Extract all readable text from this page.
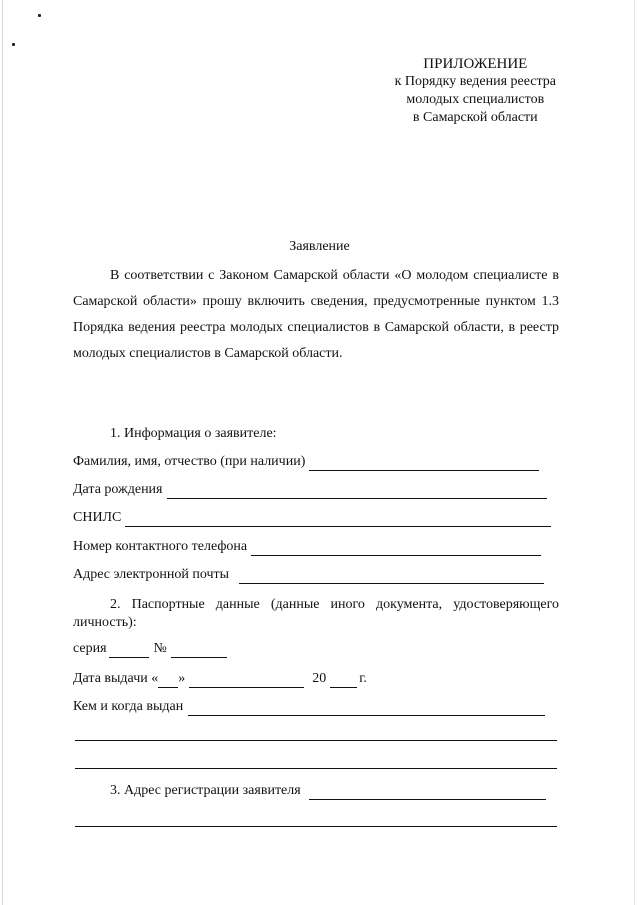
ПРИЛОЖЕНИЕ
к Порядку ведения реестра
молодых специалистов
в Самарской области
Заявление

В соответствии с Законом Самарской области «О молодом специалисте в Самарской области» прошу включить сведения, предусмотренные пунктом 1.3 Порядка ведения реестра молодых специалистов в Самарской области, в реестр молодых специалистов в Самарской области.

1. Информация о заявителе:
Фамилия, имя, отчество (при наличии)
Дата рождения
СНИЛС
Номер контактного телефона
Адрес электронной почты

2. Паспортные данные (данные иного документа, удостоверяющего личность):

серия	№
Дата выдачи « »	20 г.
Кем и когда выдан
3. Адрес регистрации заявителя
